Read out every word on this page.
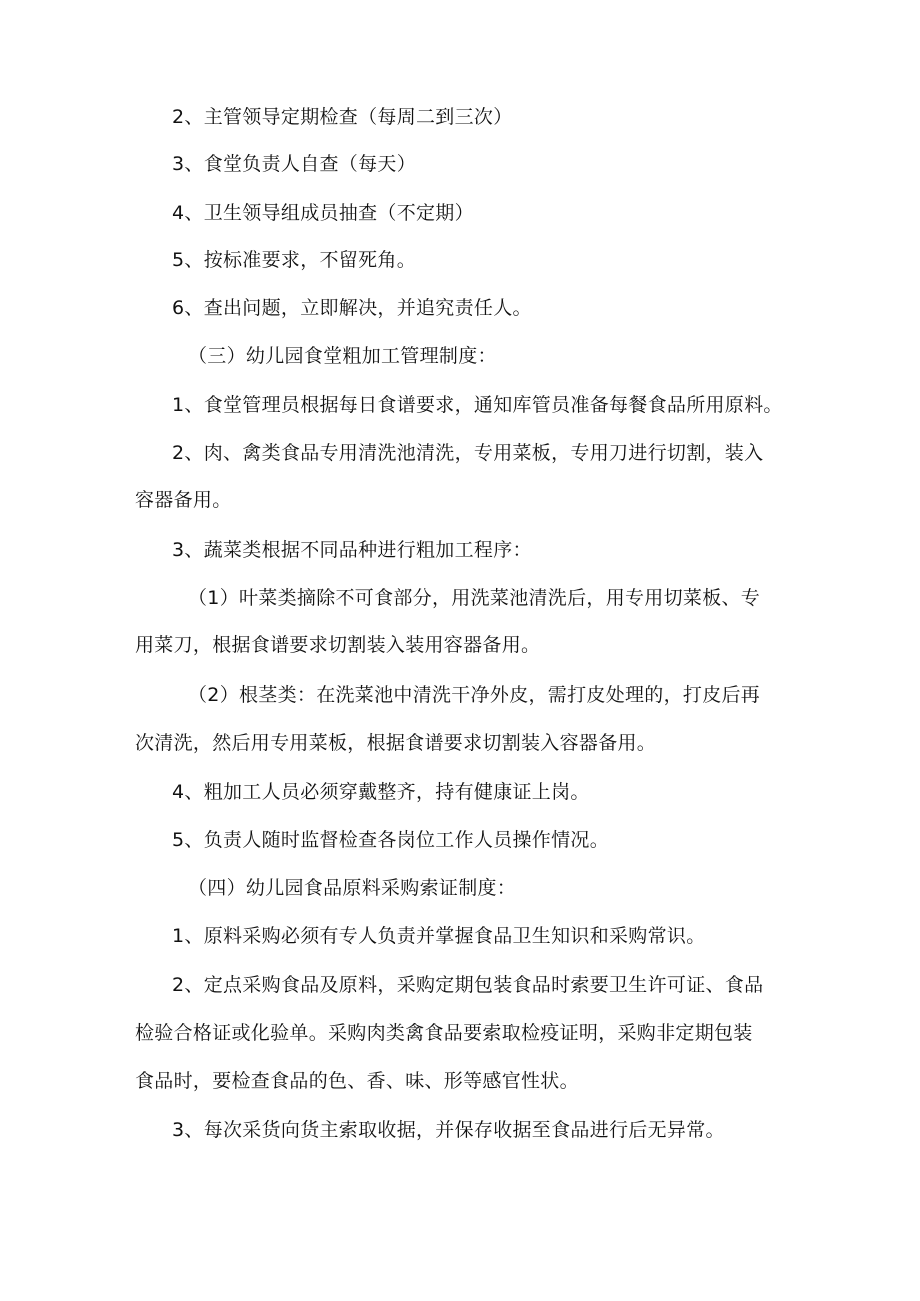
2、主管领导定期检查（每周二到三次）
3、食堂负责人自查（每天）
4、卫生领导组成员抽查（不定期）
5、按标准要求，不留死角。
6、查出问题，立即解决，并追究责任人。
（三）幼儿园食堂粗加工管理制度：
1、食堂管理员根据每日食谱要求，通知库管员准备每餐食品所用原料。
2、肉、禽类食品专用清洗池清洗，专用菜板，专用刀进行切割，装入
容器备用。
3、蔬菜类根据不同品种进行粗加工程序：
（1）叶菜类摘除不可食部分，用洗菜池清洗后，用专用切菜板、专
用菜刀，根据食谱要求切割装入装用容器备用。
（2）根茎类：在洗菜池中清洗干净外皮，需打皮处理的，打皮后再
次清洗，然后用专用菜板，根据食谱要求切割装入容器备用。
4、粗加工人员必须穿戴整齐，持有健康证上岗。
5、负责人随时监督检查各岗位工作人员操作情况。
（四）幼儿园食品原料采购索证制度：
1、原料采购必须有专人负责并掌握食品卫生知识和采购常识。
2、定点采购食品及原料，采购定期包装食品时索要卫生许可证、食品
检验合格证或化验单。采购肉类禽食品要索取检疫证明，采购非定期包装
食品时，要检查食品的色、香、味、形等感官性状。
3、每次采货向货主索取收据，并保存收据至食品进行后无异常。
